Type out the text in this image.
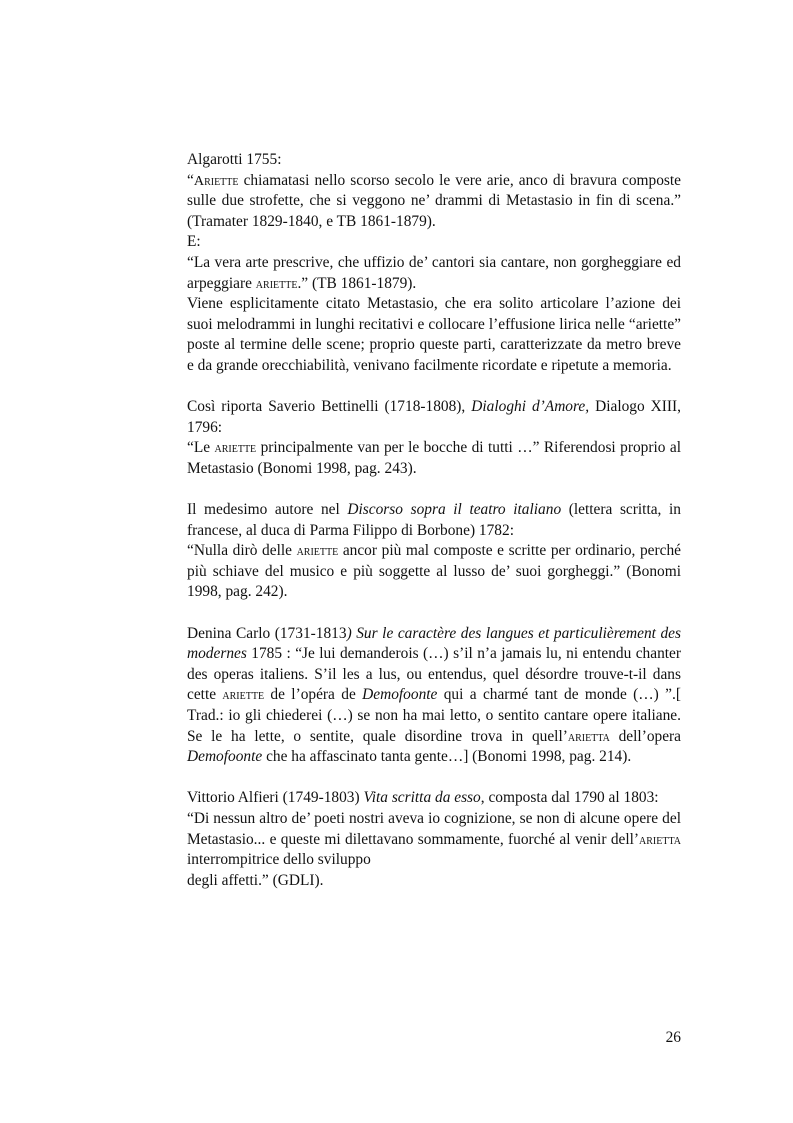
Algarotti 1755:

“Ariette chiamatasi nello scorso secolo le vere arie, anco di bravura composte sulle due strofette, che si veggono ne’ drammi di Metastasio in fin di scena.” (Tramater 1829-1840, e TB 1861-1879).

E:

“La vera arte prescrive, che uffizio de’ cantori sia cantare, non gorgheggiare ed arpeggiare ariette.” (TB 1861-1879).

Viene esplicitamente citato Metastasio, che era solito articolare l’azione dei suoi melodrammi in lunghi recitativi e collocare l’effusione lirica nelle “ariette” poste al termine delle scene; proprio queste parti, caratterizzate da metro breve e da grande orecchiabilità, venivano facilmente ricordate e ripetute a memoria.

Così riporta Saverio Bettinelli (1718-1808), Dialoghi d’Amore, Dialogo XIII, 1796:

“Le ariette principalmente van per le bocche di tutti …” Riferendosi proprio al Metastasio (Bonomi 1998, pag. 243).

Il medesimo autore nel Discorso sopra il teatro italiano (lettera scritta, in francese, al duca di Parma Filippo di Borbone) 1782:

“Nulla dirò delle ariette ancor più mal composte e scritte per ordinario, perché più schiave del musico e più soggette al lusso de’ suoi gorgheggi.” (Bonomi 1998, pag. 242).

Denina Carlo (1731-1813) Sur le caractère des langues et particulièrement des modernes 1785 : “Je lui demanderois (…) s’il n’a jamais lu, ni entendu chanter des operas italiens. S’il les a lus, ou entendus, quel désordre trouve-t-il dans cette ariette de l’opéra de Demofoonte qui a charmé tant de monde (…) ”.[ Trad.: io gli chiederei (…) se non ha mai letto, o sentito cantare opere italiane. Se le ha lette, o sentite, quale disordine trova in quell’arietta dell’opera Demofoonte che ha affascinato tanta gente…] (Bonomi 1998, pag. 214).

Vittorio Alfieri (1749-1803) Vita scritta da esso, composta dal 1790 al 1803:

“Di nessun altro de’ poeti nostri aveva io cognizione, se non di alcune opere del Metastasio... e queste mi dilettavano sommamente, fuorché al venir dell’arietta interrompitrice dello sviluppo

degli affetti.” (GDLI).

26
